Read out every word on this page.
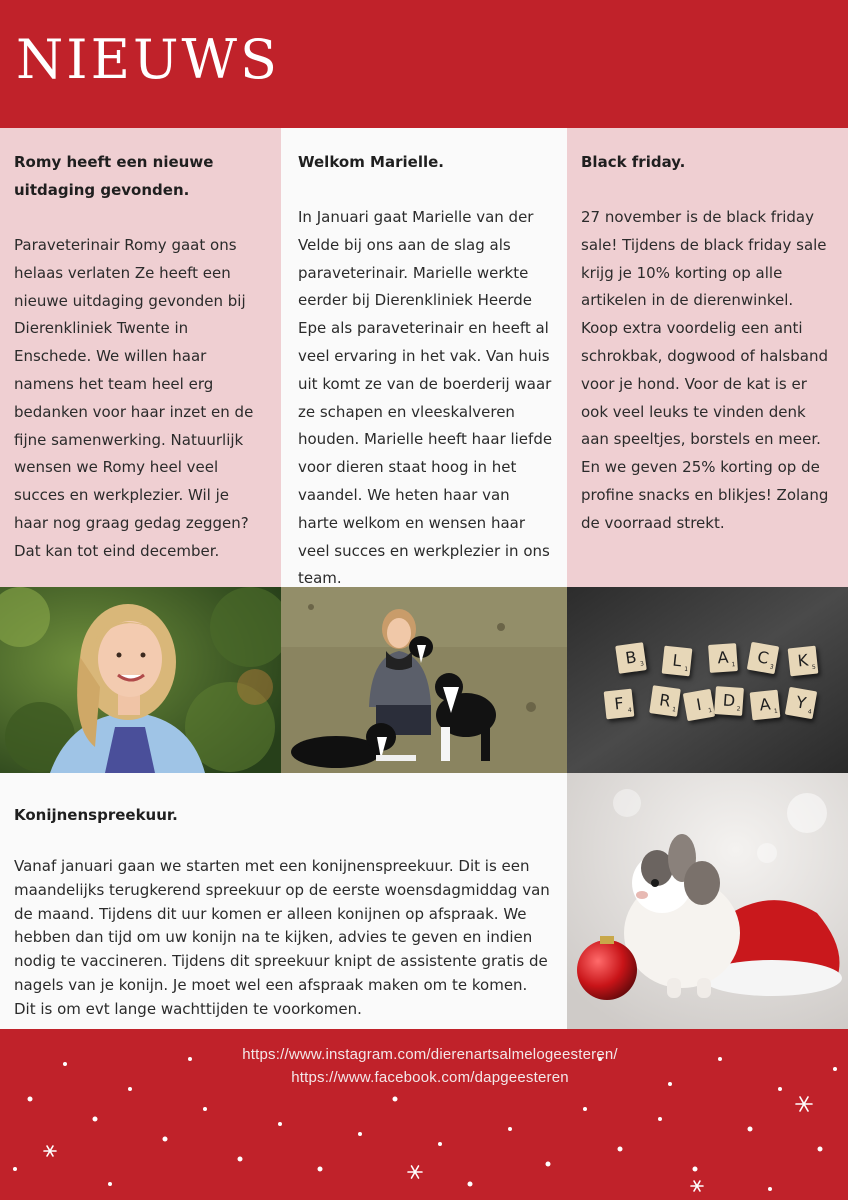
NIEUWS
Romy heeft een nieuwe uitdaging gevonden.

Paraveterinair Romy gaat ons helaas verlaten Ze heeft een nieuwe uitdaging gevonden bij Dierenkliniek Twente in Enschede. We willen haar namens het team heel erg bedanken voor haar inzet en de fijne samenwerking. Natuurlijk wensen we Romy heel veel succes en werkplezier. Wil je haar nog graag gedag zeggen? Dat kan tot eind december.

Welkom Marielle.

In Januari gaat Marielle van der Velde bij ons aan de slag als paraveterinair. Marielle werkte eerder bij Dierenkliniek Heerde Epe als paraveterinair en heeft al veel ervaring in het vak. Van huis uit komt ze van de boerderij waar ze schapen en vleeskalveren houden. Marielle heeft haar liefde voor dieren staat hoog in het vaandel. We heten haar van harte welkom en wensen haar veel succes en werkplezier in ons team.

Black friday.

27 november is de black friday sale! Tijdens de black friday sale krijg je 10% korting op alle artikelen in de dierenwinkel. Koop extra voordelig een anti schrokbak, dogwood of halsband voor je hond. Voor de kat is er ook veel leuks te vinden denk aan speeltjes, borstels en meer. En we geven 25% korting op de profine snacks en blikjes! Zolang de voorraad strekt.

B 3	L 1
A 1	C
3	K 5
F 4	R 1	I 1
D 2	A 1	Y 4
Konijnenspreekuur.

Vanaf januari gaan we starten met een konijnenspreekuur. Dit is een maandelijks terugkerend spreekuur op de eerste woensdagmiddag van de maand. Tijdens dit uur komen er alleen konijnen op afspraak. We hebben dan tijd om uw konijn na te kijken, advies te geven en indien nodig te vaccineren. Tijdens dit spreekuur knipt de assistente gratis de nagels van je konijn. Je moet wel een afspraak maken om te komen. Dit is om evt lange wachttijden te voorkomen.

https://www.instagram.com/dierenartsalmelogeesteren/
https://www.facebook.com/dapgeesteren
